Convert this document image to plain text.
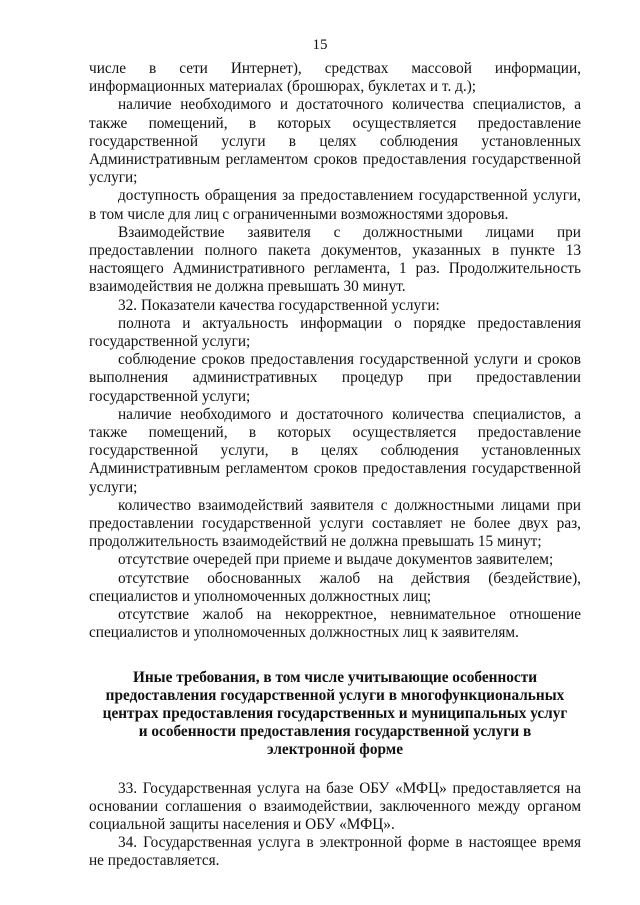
15

числе в сети Интернет), средствах массовой информации, информационных материалах (брошюрах, буклетах и т. д.);

наличие необходимого и достаточного количества специалистов, а также помещений, в которых осуществляется предоставление государственной услуги в целях соблюдения установленных Административным регламентом сроков предоставления государственной услуги;

доступность обращения за предоставлением государственной услуги, в том числе для лиц с ограниченными возможностями здоровья.

Взаимодействие заявителя с должностными лицами при предоставлении полного пакета документов, указанных в пункте 13 настоящего Административного регламента, 1 раз. Продолжительность взаимодействия не должна превышать 30 минут.

32. Показатели качества государственной услуги:

полнота и актуальность информации о порядке предоставления государственной услуги;

соблюдение сроков предоставления государственной услуги и сроков выполнения административных процедур при предоставлении государственной услуги;

наличие необходимого и достаточного количества специалистов, а также помещений, в которых осуществляется предоставление государственной услуги, в целях соблюдения установленных Административным регламентом сроков предоставления государственной услуги;

количество взаимодействий заявителя с должностными лицами при предоставлении государственной услуги составляет не более двух раз, продолжительность взаимодействий не должна превышать 15 минут;

отсутствие очередей при приеме и выдаче документов заявителем;

отсутствие обоснованных жалоб на действия (бездействие), специалистов и уполномоченных должностных лиц;

отсутствие жалоб на некорректное, невнимательное отношение специалистов и уполномоченных должностных лиц к заявителям.

Иные требования, в том числе учитывающие особенности предоставления государственной услуги в многофункциональных центрах предоставления государственных и муниципальных услуг и особенности предоставления государственной услуги в электронной форме

33. Государственная услуга на базе ОБУ «МФЦ» предоставляется на основании соглашения о взаимодействии, заключенного между органом социальной защиты населения и ОБУ «МФЦ».

34. Государственная услуга в электронной форме в настоящее время не предоставляется.
